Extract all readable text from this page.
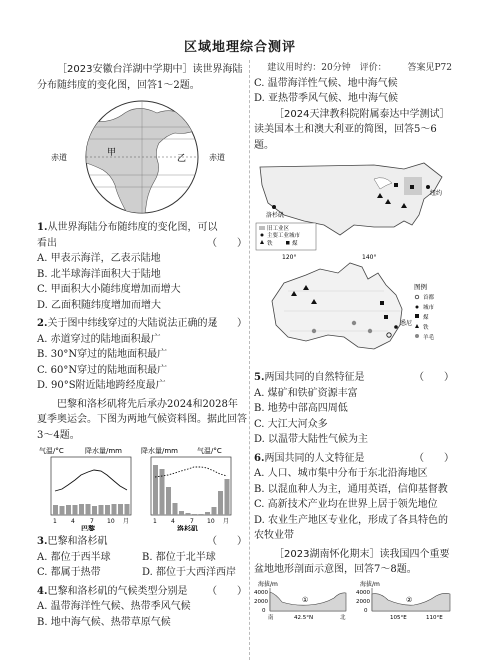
区域地理综合测评
［2023安徽台洋湖中学期中］读世界海陆分布随纬度的变化图，回答1～2题。
赤道	赤道
甲
乙
1.从世界海陆分布随纬度的变化图，可以看出	（　　）
A. 甲表示海洋，乙表示陆地
B. 北半球海洋面积大于陆地
C. 甲面积大小随纬度增加而增大
D. 乙面积随纬度增加而增大
2.关于图中纬线穿过的大陆说法正确的是
（　　）
A. 赤道穿过的陆地面积最广
B. 30°N穿过的陆地面积最广
C. 60°N穿过的陆地面积最广
D. 90°S附近陆地跨经度最广
巴黎和洛杉矶将先后承办2024和2028年夏季奥运会。下图为两地气候资料图。据此回答3～4题。
气温/°C	降水量/mm
1 4	7 10 月
巴黎
降水量/mm	气温/°C
1 4	7 10 月
洛杉矶
3.巴黎和洛杉矶	（　　）
A. 都位于西半球	B. 都位于北半球
C. 都属于热带	D. 都位于大西洋西岸
4.巴黎和洛杉矶的气候类型分别是 （　　）
A. 温带海洋性气候、热带季风气候
B. 地中海气候、热带草原气候
建议用时约：20分钟 评价： 答案见P72
C. 温带海洋性气候、地中海气候
D. 亚热带季风气候、地中海气候
［2024天津教科院附属泰达中学测试］读美国本土和澳大利亚的简图，回答5～6题。
洛杉矶
纽约
旧工业区
主要工业城市
铁	煤
120°	140°
悉尼
图例
首都
城市
煤
铁
羊毛
5.两国共同的自然特征是	（　　）
A. 煤矿和铁矿资源丰富
B. 地势中部高四周低
C. 大江大河众多
D. 以温带大陆性气候为主
6.两国共同的人文特征是	（　　）
A. 人口、城市集中分布于东北沿海地区
B. 以混血种人为主，通用英语，信仰基督教
C. 高新技术产业均在世界上居于领先地位
D. 农业生产地区专业化，形成了各具特色的农牧业带
［2023湖南怀化期末］读我国四个重要盆地地形剖面示意图，回答7～8题。
海拔/m
4000
2000
0
①
南	42.5°N	北
海拔/m
4000
2000
0
②
105°E	110°E
